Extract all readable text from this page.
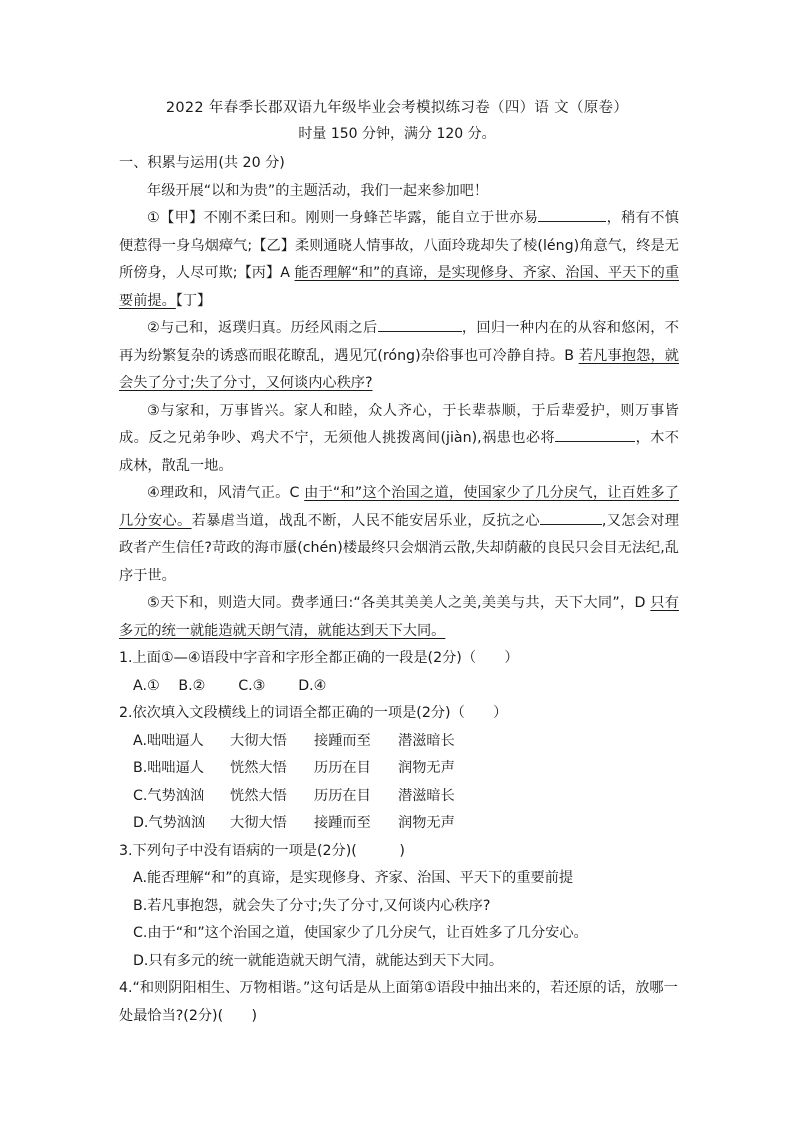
2022 年春季长郡双语九年级毕业会考模拟练习卷（四）语 文（原卷）
时量 150 分钟，满分 120 分。

一、积累与运用(共 20 分)

年级开展“以和为贵”的主题活动，我们一起来参加吧！

①【甲】不刚不柔曰和。刚则一身蜂芒毕露，能自立于世亦易	，稍有不慎便惹得一身乌烟瘴气;【乙】柔则通晓人情事故，八面玲珑却失了棱(léng)角意气，终是无所傍身，人尽可欺;【丙】A 能否理解“和”的真谛，是实现修身、齐家、治国、平天下的重要前提。【丁】

②与己和，返璞归真。历经风雨之后	，回归一种内在的从容和悠闲，不再为纷繁复杂的诱惑而眼花瞭乱，遇见冗(róng)杂俗事也可冷静自持。B 若凡事抱怨，就会失了分寸;失了分寸，又何谈内心秩序?

③与家和，万事皆兴。家人和睦，众人齐心，于长辈恭顺，于后辈爱护，则万事皆成。反之兄弟争吵、鸡犬不宁，无须他人挑拨离间(jiàn),祸患也必将	，木不成林，散乱一地。

④理政和，风清气正。C 由于“和”这个治国之道，使国家少了几分戾气，让百姓多了几分安心。若暴虐当道，战乱不断，人民不能安居乐业，反抗之心	,又怎会对理政者产生信任?苛政的海市蜃(chén)楼最终只会烟消云散,失却荫蔽的良民只会目无法纪,乱序于世。

⑤天下和，则造大同。费孝通曰:“各美其美美人之美,美美与共，天下大同”，D 只有多元的统一就能造就天朗气清，就能达到天下大同。

1.上面①—④语段中字音和字形全都正确的一段是(2分)（　　）

A.①　 B.②　　 C.③　　 D.④

2.依次填入文段横线上的词语全都正确的一项是(2分)（　　）

A.咄咄逼人	大彻大悟	接踵而至	潜滋暗长
B.咄咄逼人	恍然大悟	历历在目	润物无声
C.气势汹汹	恍然大悟	历历在目	潜滋暗长
D.气势汹汹	大彻大悟	接踵而至	润物无声

3.下列句子中没有语病的一项是(2分)(　　　)

A.能否理解“和”的真谛，是实现修身、齐家、治国、平天下的重要前提

B.若凡事抱怨，就会失了分寸;失了分寸,又何谈内心秩序?

C.由于“和”这个治国之道，使国家少了几分戾气，让百姓多了几分安心。

D.只有多元的统一就能造就天朗气清，就能达到天下大同。

4.“和则阴阳相生、万物相谐。”这句话是从上面第①语段中抽出来的，若还原的话，放哪一处最恰当?(2分)(　　)
